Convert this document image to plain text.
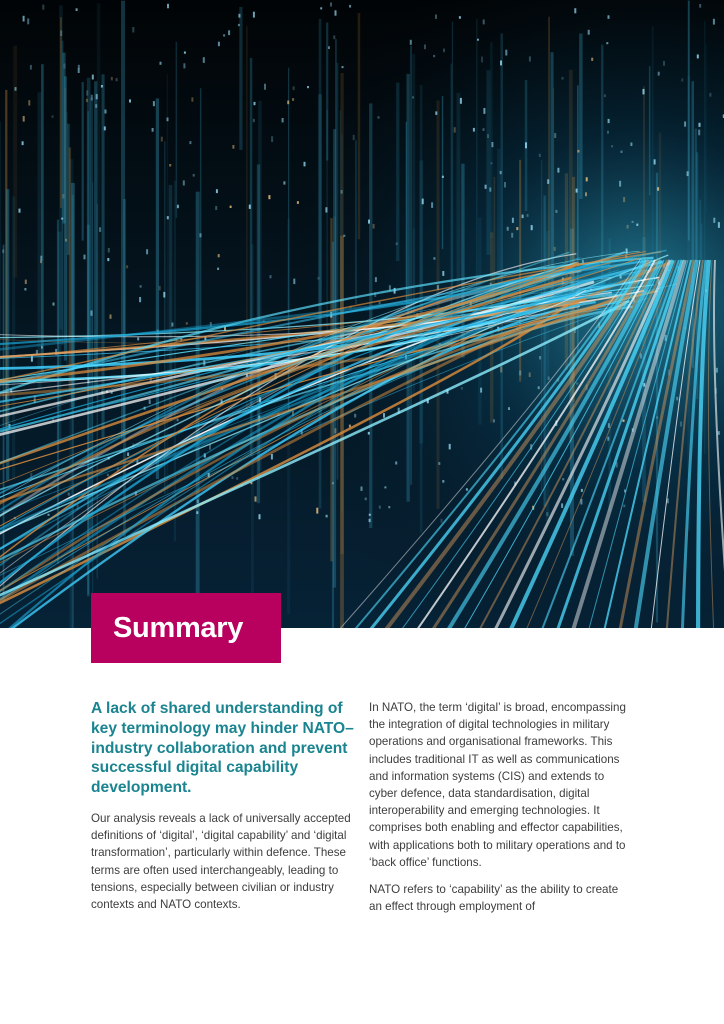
Summary

A lack of shared understanding of key terminology may hinder NATO–industry collaboration and prevent successful digital capability development.

Our analysis reveals a lack of universally accepted definitions of ‘digital’, ‘digital capability’ and ‘digital transformation’, particularly within defence. These terms are often used interchangeably, leading to tensions, especially between civilian or industry contexts and NATO contexts.

In NATO, the term ‘digital’ is broad, encompassing the integration of digital technologies in military operations and organisational frameworks. This includes traditional IT as well as communications and information systems (CIS) and extends to cyber defence, data standardisation, digital interoperability and emerging technologies. It comprises both enabling and effector capabilities, with applications both to military operations and to ‘back office’ functions.

NATO refers to ‘capability’ as the ability to create an effect through employment of
